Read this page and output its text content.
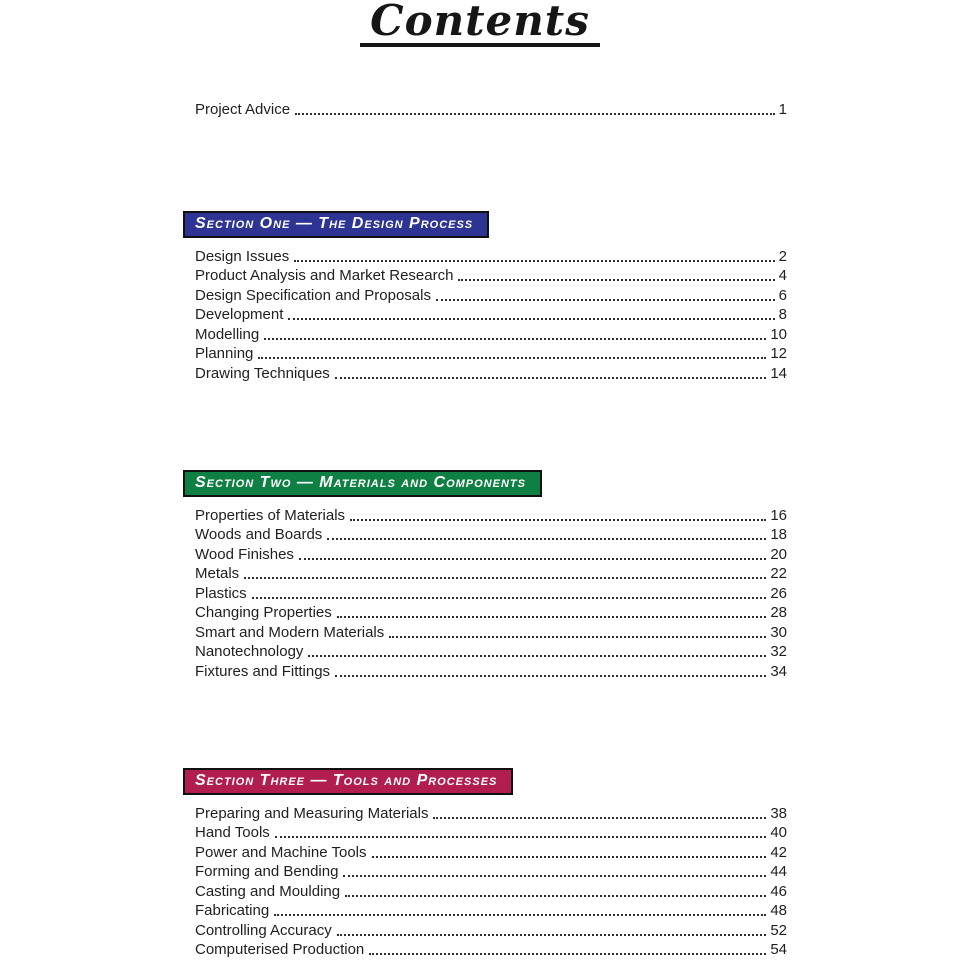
Contents
Project Advice	1
Section One — The Design Process
Design Issues	2
Product Analysis and Market Research	4
Design Specification and Proposals	6
Development	8
Modelling	10
Planning	12
Drawing Techniques	14
Section Two — Materials and Components
Properties of Materials	16
Woods and Boards	18
Wood Finishes	20
Metals	22
Plastics	26
Changing Properties	28
Smart and Modern Materials	30
Nanotechnology	32
Fixtures and Fittings	34
Section Three — Tools and Processes
Preparing and Measuring Materials	38
Hand Tools	40
Power and Machine Tools	42
Forming and Bending	44
Casting and Moulding	46
Fabricating	48
Controlling Accuracy	52
Computerised Production	54
